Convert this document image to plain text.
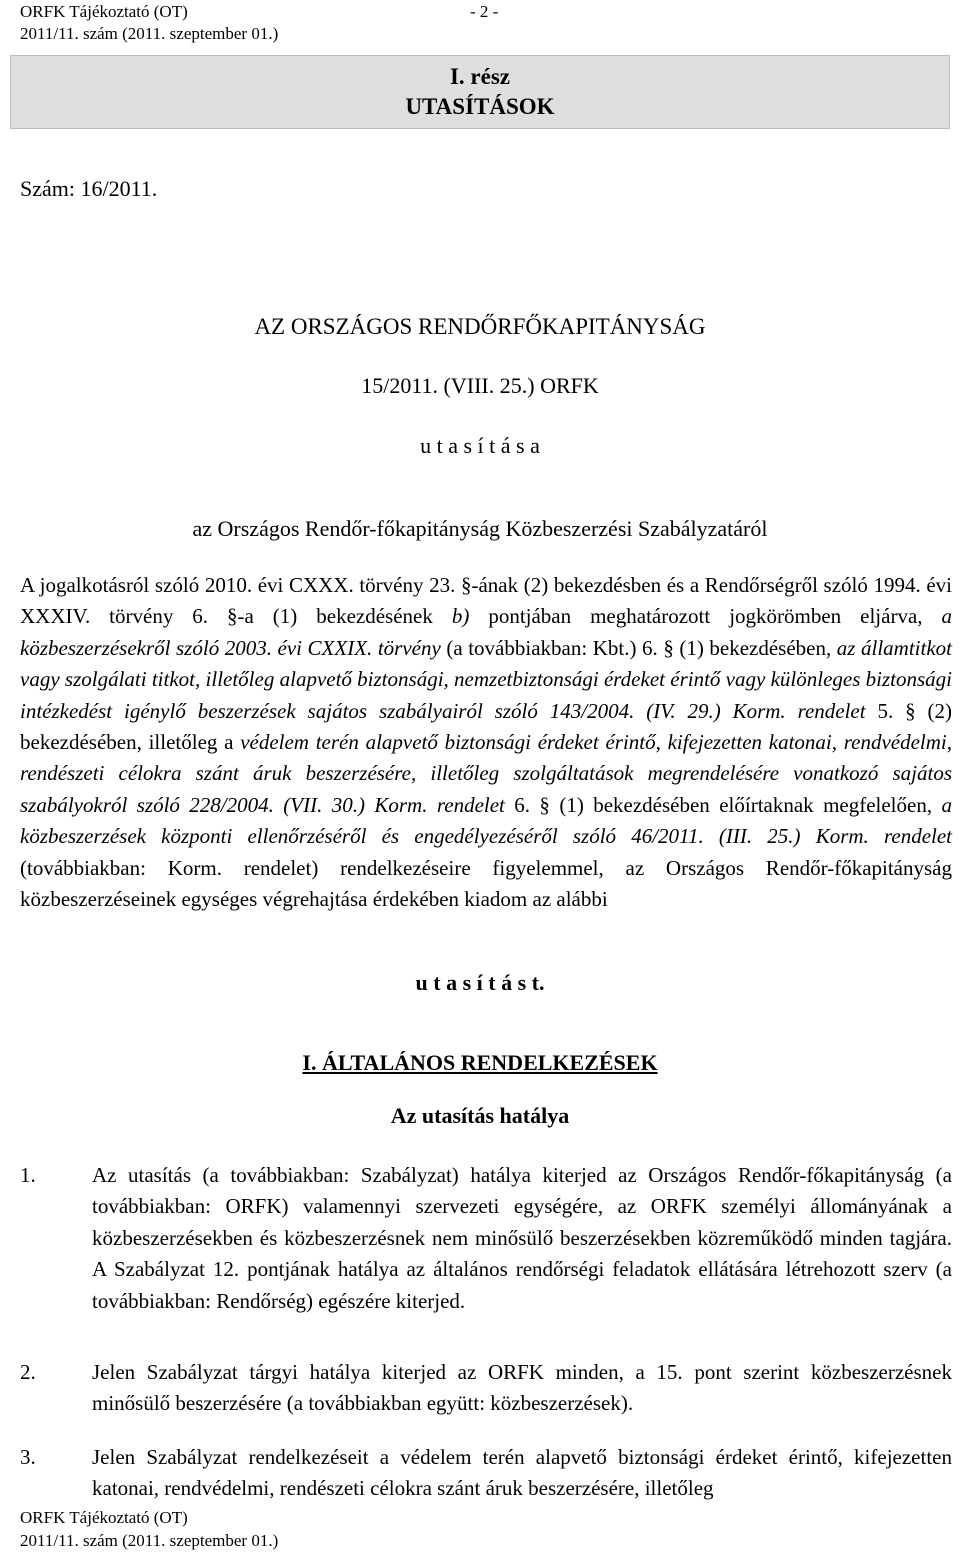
ORFK Tájékoztató (OT)	- 2 -
2011/11. szám (2011. szeptember 01.)
I. rész
UTASÍTÁSOK
Szám: 16/2011.
AZ ORSZÁGOS RENDŐRFŐKAPITÁNYSÁG
15/2011. (VIII. 25.) ORFK
u t a s í t á s a
az Országos Rendőr-főkapitányság Közbeszerzési Szabályzatáról
A jogalkotásról szóló 2010. évi CXXX. törvény 23. §-ának (2) bekezdésben és a Rendőrségről szóló 1994. évi XXXIV. törvény 6. §-a (1) bekezdésének b) pontjában meghatározott jogkörömben eljárva, a közbeszerzésekről szóló 2003. évi CXXIX. törvény (a továbbiakban: Kbt.) 6. § (1) bekezdésében, az államtitkot vagy szolgálati titkot, illetőleg alapvető biztonsági, nemzetbiztonsági érdeket érintő vagy különleges biztonsági intézkedést igénylő beszerzések sajátos szabályairól szóló 143/2004. (IV. 29.) Korm. rendelet 5. § (2) bekezdésében, illetőleg a védelem terén alapvető biztonsági érdeket érintő, kifejezetten katonai, rendvédelmi, rendészeti célokra szánt áruk beszerzésére, illetőleg szolgáltatások megrendelésére vonatkozó sajátos szabályokról szóló 228/2004. (VII. 30.) Korm. rendelet 6. § (1) bekezdésében előírtaknak megfelelően, a közbeszerzések központi ellenőrzéséről és engedélyezéséről szóló 46/2011. (III. 25.) Korm. rendelet (továbbiakban: Korm. rendelet) rendelkezéseire figyelemmel, az Országos Rendőr-főkapitányság közbeszerzéseinek egységes végrehajtása érdekében kiadom az alábbi
u t a s í t á s t.
I. ÁLTALÁNOS RENDELKEZÉSEK
Az utasítás hatálya
1.	Az utasítás (a továbbiakban: Szabályzat) hatálya kiterjed az Országos Rendőr-főkapitányság (a továbbiakban: ORFK) valamennyi szervezeti egységére, az ORFK személyi állományának a közbeszerzésekben és közbeszerzésnek nem minősülő beszerzésekben közreműködő minden tagjára. A Szabályzat 12. pontjának hatálya az általános rendőrségi feladatok ellátására létrehozott szerv (a továbbiakban: Rendőrség) egészére kiterjed.
2.	Jelen Szabályzat tárgyi hatálya kiterjed az ORFK minden, a 15. pont szerint közbeszerzésnek minősülő beszerzésére (a továbbiakban együtt: közbeszerzések).
3.	Jelen Szabályzat rendelkezéseit a védelem terén alapvető biztonsági érdeket érintő, kifejezetten katonai, rendvédelmi, rendészeti célokra szánt áruk beszerzésére, illetőleg
ORFK Tájékoztató (OT)
2011/11. szám (2011. szeptember 01.)
